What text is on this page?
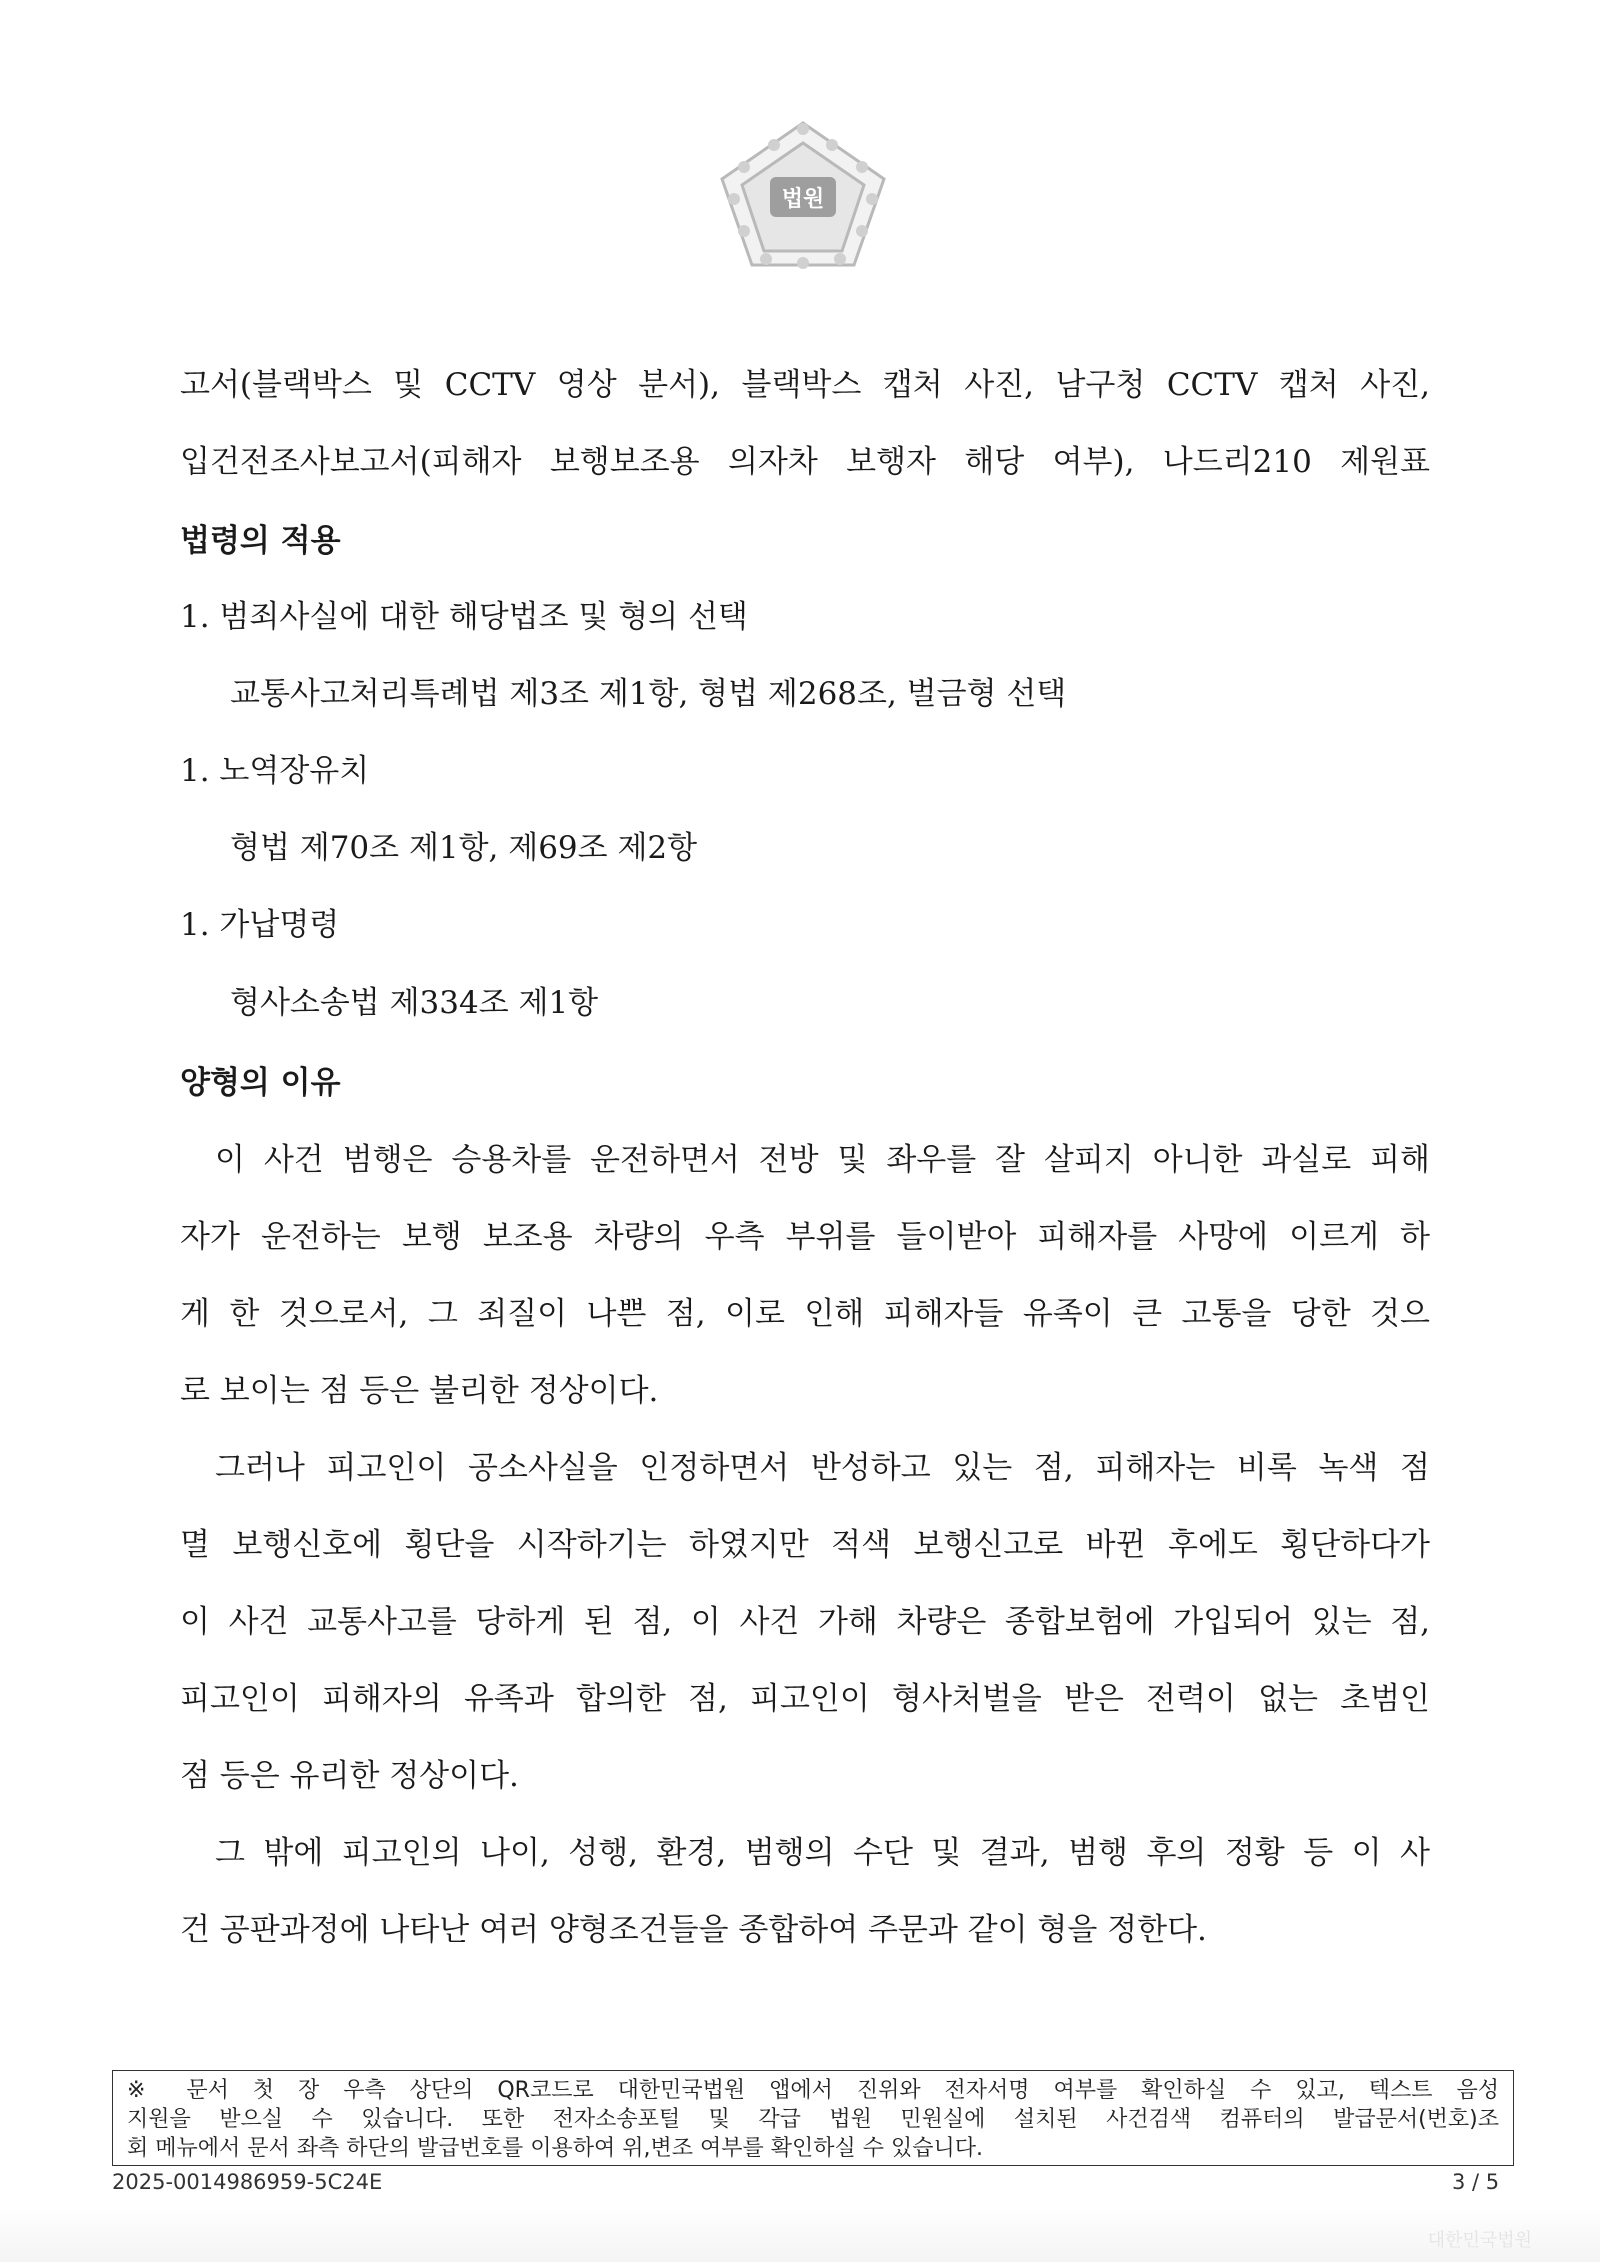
법원
고서(블랙박스 및 CCTV 영상 분서), 블랙박스 캡처 사진, 남구청 CCTV 캡처 사진,
입건전조사보고서(피해자 보행보조용 의자차 보행자 해당 여부), 나드리210 제원표
법령의 적용
1. 범죄사실에 대한 해당법조 및 형의 선택
교통사고처리특례법 제3조 제1항, 형법 제268조, 벌금형 선택
1. 노역장유치
형법 제70조 제1항, 제69조 제2항
1. 가납명령
형사소송법 제334조 제1항
양형의 이유
이 사건 범행은 승용차를 운전하면서 전방 및 좌우를 잘 살피지 아니한 과실로 피해
자가 운전하는 보행 보조용 차량의 우측 부위를 들이받아 피해자를 사망에 이르게 하
게 한 것으로서, 그 죄질이 나쁜 점, 이로 인해 피해자들 유족이 큰 고통을 당한 것으
로 보이는 점 등은 불리한 정상이다.
그러나 피고인이 공소사실을 인정하면서 반성하고 있는 점, 피해자는 비록 녹색 점
멸 보행신호에 횡단을 시작하기는 하였지만 적색 보행신고로 바뀐 후에도 횡단하다가
이 사건 교통사고를 당하게 된 점, 이 사건 가해 차량은 종합보험에 가입되어 있는 점,
피고인이 피해자의 유족과 합의한 점, 피고인이 형사처벌을 받은 전력이 없는 초범인
점 등은 유리한 정상이다.
그 밖에 피고인의 나이, 성행, 환경, 범행의 수단 및 결과, 범행 후의 정황 등 이 사
건 공판과정에 나타난 여러 양형조건들을 종합하여 주문과 같이 형을 정한다.
※ 문서 첫 장 우측 상단의 QR코드로 대한민국법원 앱에서 진위와 전자서명 여부를 확인하실 수 있고, 텍스트 음성
지원을 받으실 수 있습니다. 또한 전자소송포털 및 각급 법원 민원실에 설치된 사건검색 컴퓨터의 발급문서(번호)조
회 메뉴에서 문서 좌측 하단의 발급번호를 이용하여 위,변조 여부를 확인하실 수 있습니다.
2025-0014986959-5C24E	3 / 5
대한민국법원
